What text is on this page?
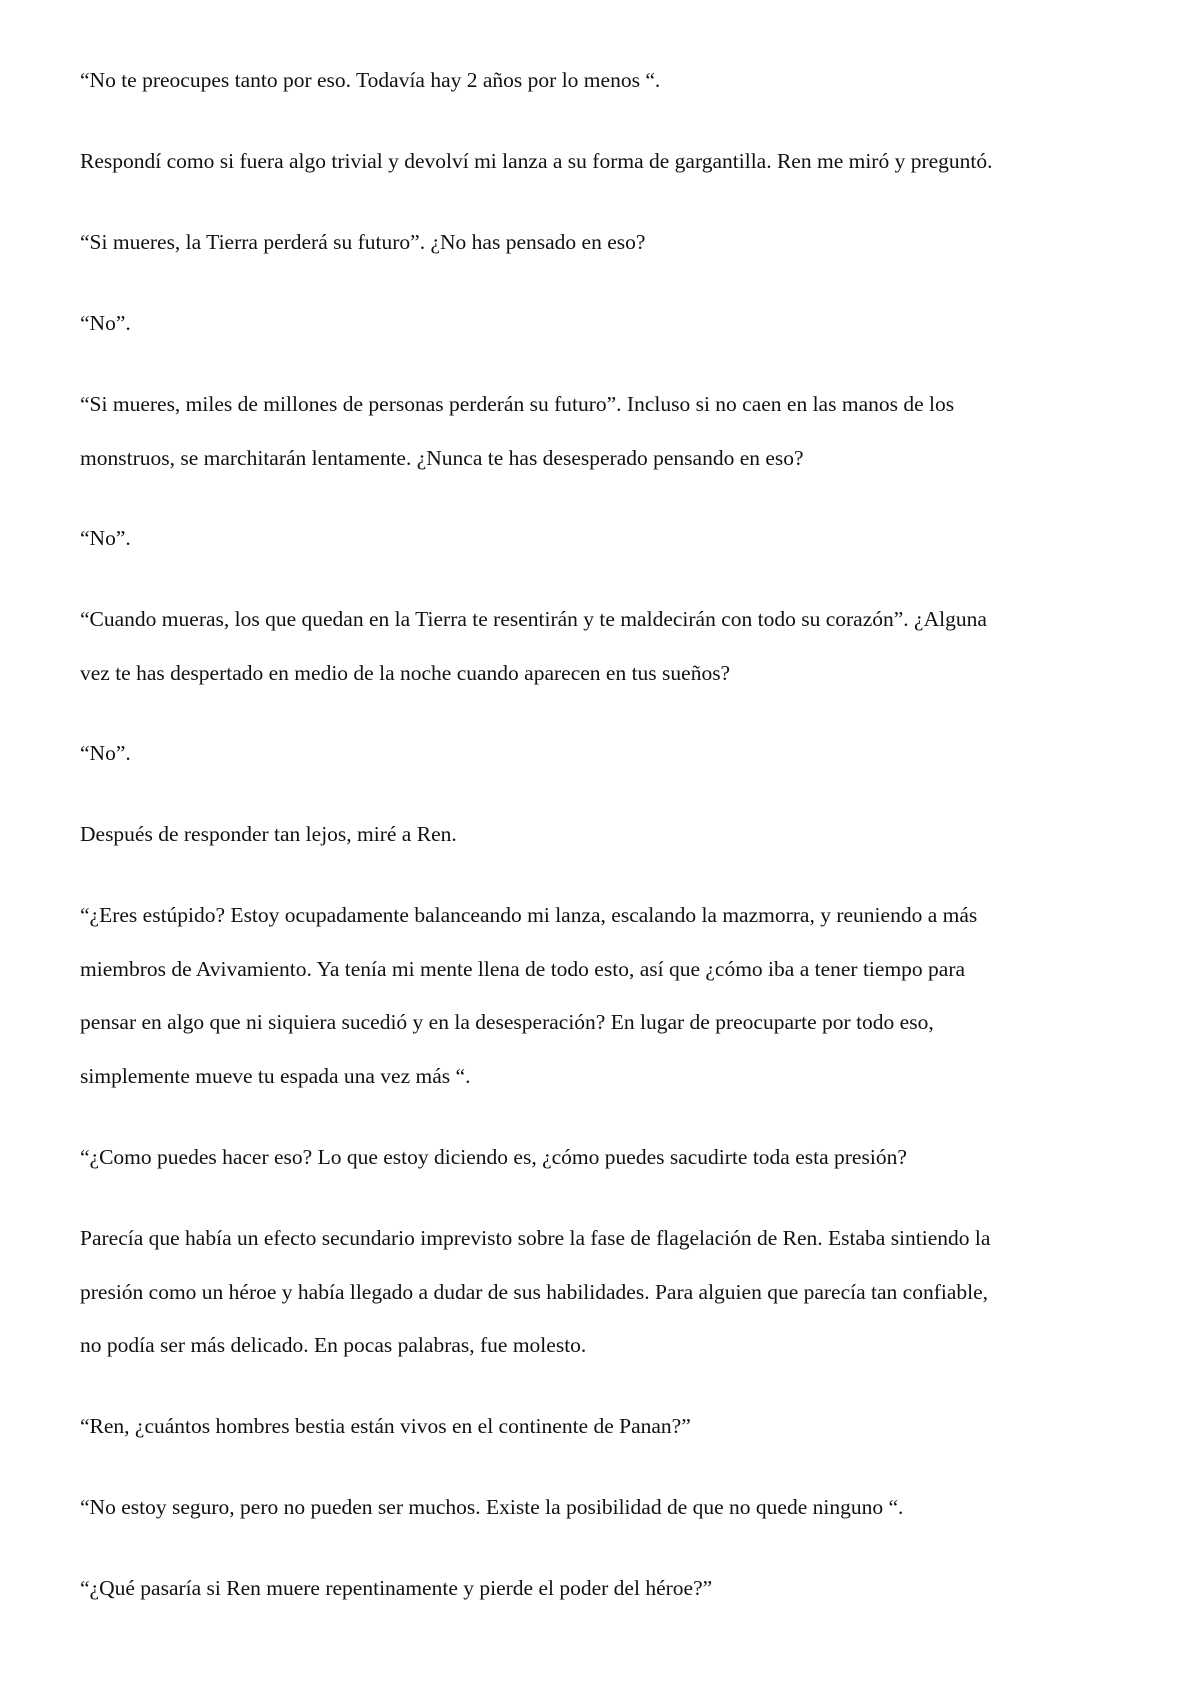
“No te preocupes tanto por eso. Todavía hay 2 años por lo menos “.

Respondí como si fuera algo trivial y devolví mi lanza a su forma de gargantilla. Ren me miró y preguntó.

“Si mueres, la Tierra perderá su futuro”. ¿No has pensado en eso?

“No”.

“Si mueres, miles de millones de personas perderán su futuro”. Incluso si no caen en las manos de los
monstruos, se marchitarán lentamente. ¿Nunca te has desesperado pensando en eso?

“No”.

“Cuando mueras, los que quedan en la Tierra te resentirán y te maldecirán con todo su corazón”. ¿Alguna
vez te has despertado en medio de la noche cuando aparecen en tus sueños?

“No”.

Después de responder tan lejos, miré a Ren.

“¿Eres estúpido? Estoy ocupadamente balanceando mi lanza, escalando la mazmorra, y reuniendo a más
miembros de Avivamiento. Ya tenía mi mente llena de todo esto, así que ¿cómo iba a tener tiempo para
pensar en algo que ni siquiera sucedió y en la desesperación? En lugar de preocuparte por todo eso,
simplemente mueve tu espada una vez más “.

“¿Como puedes hacer eso? Lo que estoy diciendo es, ¿cómo puedes sacudirte toda esta presión?

Parecía que había un efecto secundario imprevisto sobre la fase de flagelación de Ren. Estaba sintiendo la
presión como un héroe y había llegado a dudar de sus habilidades. Para alguien que parecía tan confiable,
no podía ser más delicado. En pocas palabras, fue molesto.

“Ren, ¿cuántos hombres bestia están vivos en el continente de Panan?”

“No estoy seguro, pero no pueden ser muchos. Existe la posibilidad de que no quede ninguno “.

“¿Qué pasaría si Ren muere repentinamente y pierde el poder del héroe?”
